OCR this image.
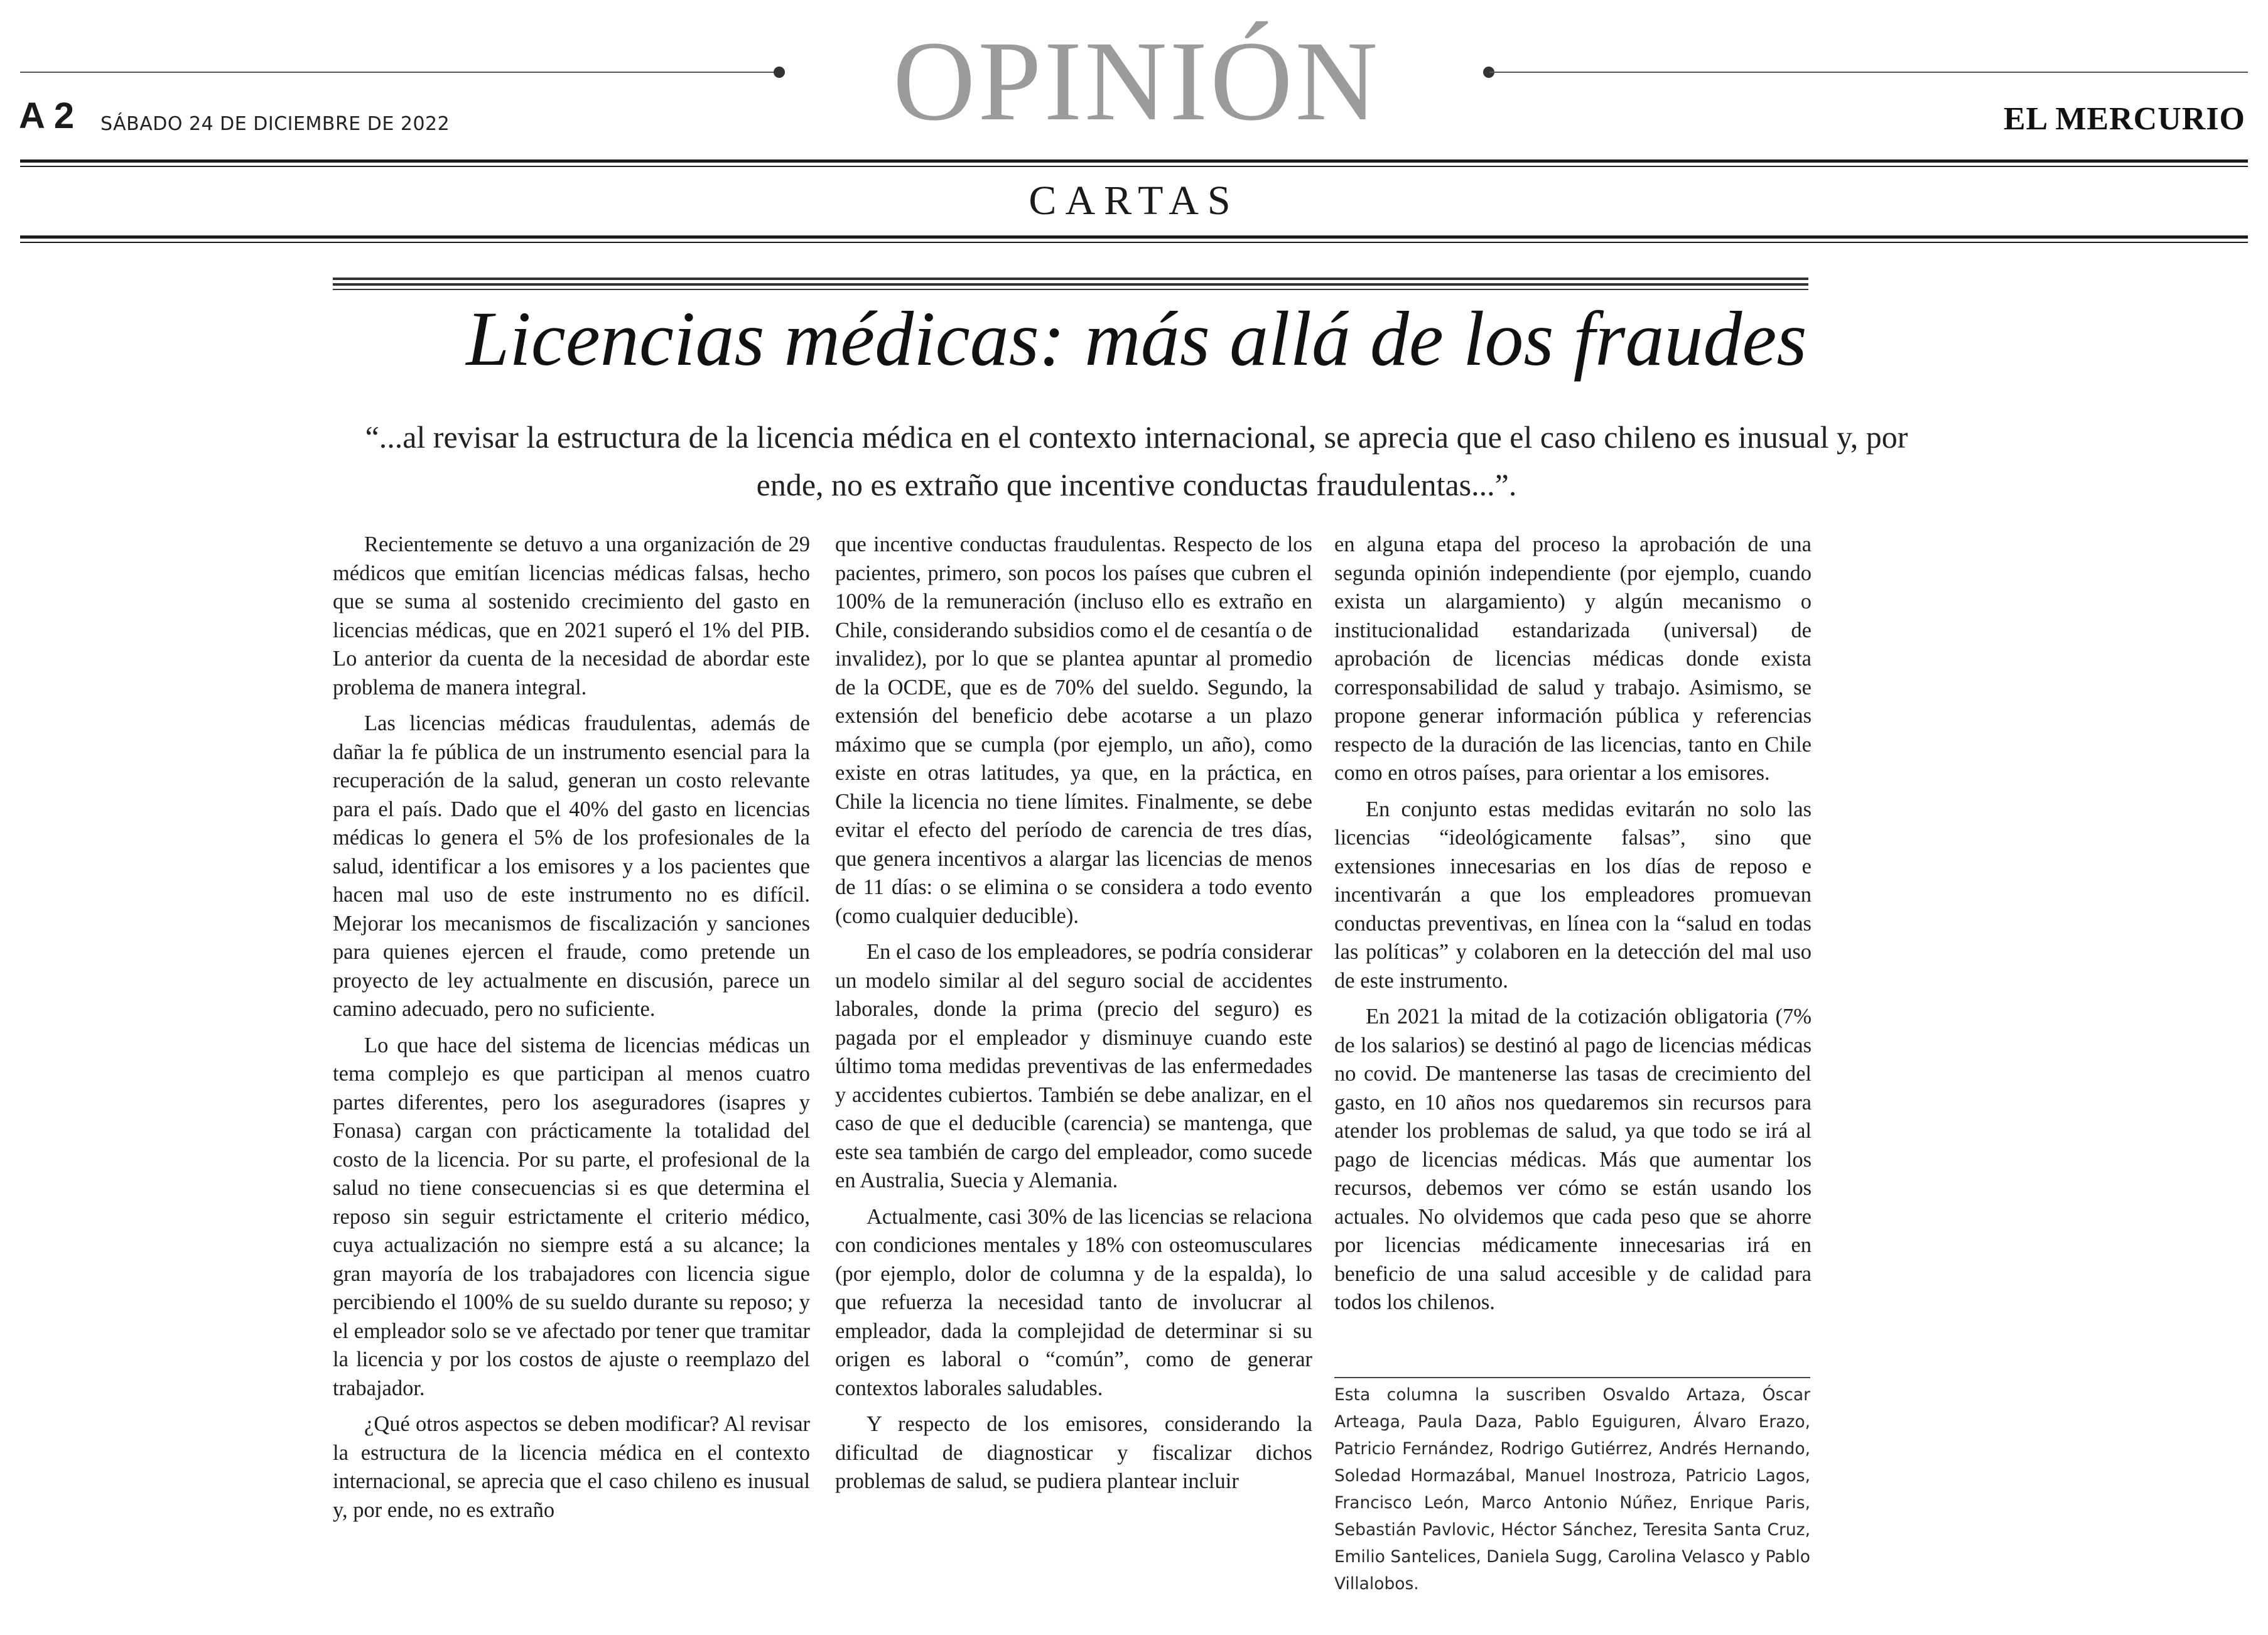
OPINIÓN
A 2 SÁBADO 24 DE DICIEMBRE DE 2022	EL MERCURIO
CARTAS
Licencias médicas: más allá de los fraudes
“...al revisar la estructura de la licencia médica en el contexto internacional, se aprecia que el caso chileno es inusual y, por ende, no es extraño que incentive conductas fraudulentas...”.

Recientemente se detuvo a una organización de 29 médicos que emitían licencias médicas falsas, hecho que se suma al sostenido crecimiento del gasto en licencias médicas, que en 2021 superó el 1% del PIB. Lo anterior da cuenta de la necesidad de abordar este problema de manera integral.

Las licencias médicas fraudulentas, además de dañar la fe pública de un instrumento esencial para la recuperación de la salud, generan un costo relevante para el país. Dado que el 40% del gasto en licencias médicas lo genera el 5% de los profesionales de la salud, identificar a los emisores y a los pacientes que hacen mal uso de este instrumento no es difícil. Mejorar los mecanismos de fiscalización y sanciones para quienes ejercen el fraude, como pretende un proyecto de ley actualmente en discusión, parece un camino adecuado, pero no suficiente.

Lo que hace del sistema de licencias médicas un tema complejo es que participan al menos cuatro partes diferentes, pero los aseguradores (isapres y Fonasa) cargan con prácticamente la totalidad del costo de la licencia. Por su parte, el profesional de la salud no tiene consecuencias si es que determina el reposo sin seguir estrictamente el criterio médico, cuya actualización no siempre está a su alcance; la gran mayoría de los trabajadores con licencia sigue percibiendo el 100% de su sueldo durante su reposo; y el empleador solo se ve afectado por tener que tramitar la licencia y por los costos de ajuste o reemplazo del trabajador.

¿Qué otros aspectos se deben modificar? Al revisar la estructura de la licencia médica en el contexto internacional, se aprecia que el caso chileno es inusual y, por ende, no es extraño

que incentive conductas fraudulentas. Respecto de los pacientes, primero, son pocos los países que cubren el 100% de la remuneración (incluso ello es extraño en Chile, considerando subsidios como el de cesantía o de invalidez), por lo que se plantea apuntar al promedio de la OCDE, que es de 70% del sueldo. Segundo, la extensión del beneficio debe acotarse a un plazo máximo que se cumpla (por ejemplo, un año), como existe en otras latitudes, ya que, en la práctica, en Chile la licencia no tiene límites. Finalmente, se debe evitar el efecto del período de carencia de tres días, que genera incentivos a alargar las licencias de menos de 11 días: o se elimina o se considera a todo evento (como cualquier deducible).

En el caso de los empleadores, se podría considerar un modelo similar al del seguro social de accidentes laborales, donde la prima (precio del seguro) es pagada por el empleador y disminuye cuando este último toma medidas preventivas de las enfermedades y accidentes cubiertos. También se debe analizar, en el caso de que el deducible (carencia) se mantenga, que este sea también de cargo del empleador, como sucede en Australia, Suecia y Alemania.

Actualmente, casi 30% de las licencias se relaciona con condiciones mentales y 18% con osteomusculares (por ejemplo, dolor de columna y de la espalda), lo que refuerza la necesidad tanto de involucrar al empleador, dada la complejidad de determinar si su origen es laboral o “común”, como de generar contextos laborales saludables.

Y respecto de los emisores, considerando la dificultad de diagnosticar y fiscalizar dichos problemas de salud, se pudiera plantear incluir

en alguna etapa del proceso la aprobación de una segunda opinión independiente (por ejemplo, cuando exista un alargamiento) y algún mecanismo o institucionalidad estandarizada (universal) de aprobación de licencias médicas donde exista corresponsabilidad de salud y trabajo. Asimismo, se propone generar información pública y referencias respecto de la duración de las licencias, tanto en Chile como en otros países, para orientar a los emisores.

En conjunto estas medidas evitarán no solo las licencias “ideológicamente falsas”, sino que extensiones innecesarias en los días de reposo e incentivarán a que los empleadores promuevan conductas preventivas, en línea con la “salud en todas las políticas” y colaboren en la detección del mal uso de este instrumento.

En 2021 la mitad de la cotización obligatoria (7% de los salarios) se destinó al pago de licencias médicas no covid. De mantenerse las tasas de crecimiento del gasto, en 10 años nos quedaremos sin recursos para atender los problemas de salud, ya que todo se irá al pago de licencias médicas. Más que aumentar los recursos, debemos ver cómo se están usando los actuales. No olvidemos que cada peso que se ahorre por licencias médicamente innecesarias irá en beneficio de una salud accesible y de calidad para todos los chilenos.

Esta columna la suscriben Osvaldo Artaza, Óscar Arteaga, Paula Daza, Pablo Eguiguren, Álvaro Erazo, Patricio Fernández, Rodrigo Gutiérrez, Andrés Hernando, Soledad Hormazábal, Manuel Inostroza, Patricio Lagos, Francisco León, Marco Antonio Núñez, Enrique Paris, Sebastián Pavlovic, Héctor Sánchez, Teresita Santa Cruz, Emilio Santelices, Daniela Sugg, Carolina Velasco y Pablo Villalobos.
